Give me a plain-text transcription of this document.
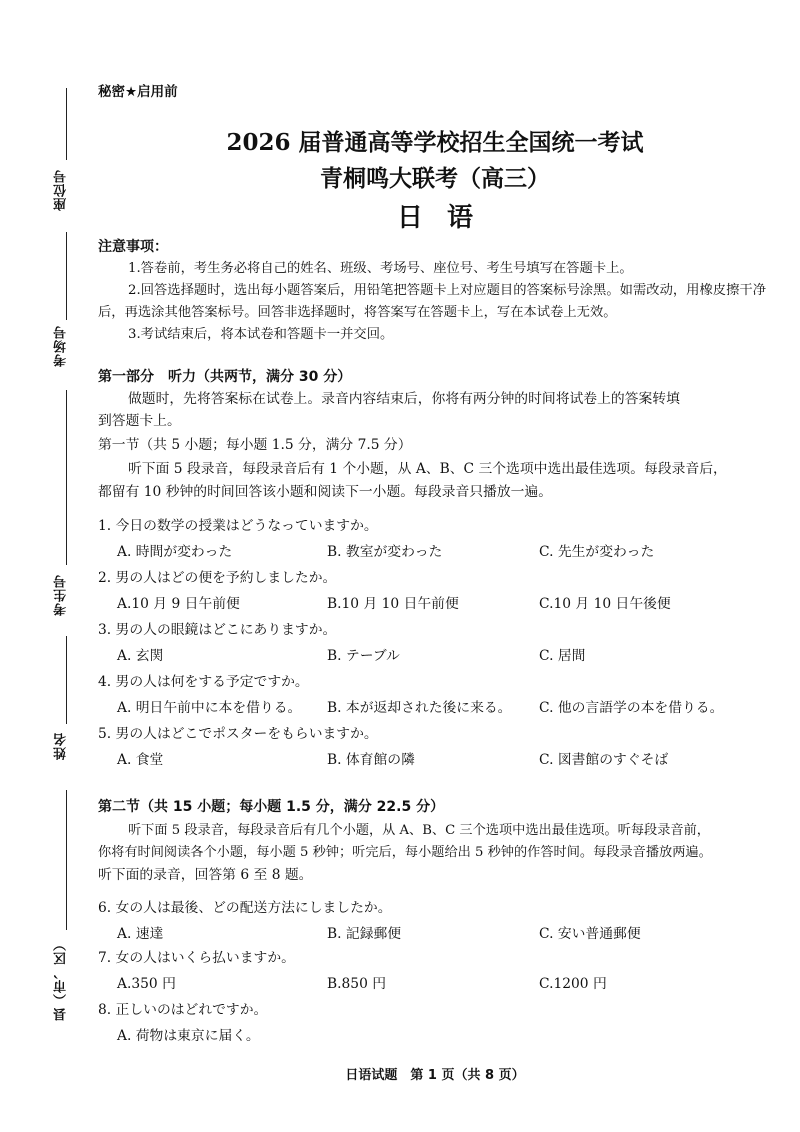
座位号
考场号
考生号
姓名
县（市、区）
秘密★启用前
2026 届普通高等学校招生全国统一考试
青桐鸣大联考（高三）
日语
注意事项：

1.答卷前，考生务必将自己的姓名、班级、考场号、座位号、考生号填写在答题卡上。

2.回答选择题时，选出每小题答案后，用铅笔把答题卡上对应题目的答案标号涂黑。如需改动，用橡皮擦干净后，再选涂其他答案标号。回答非选择题时，将答案写在答题卡上，写在本试卷上无效。

3.考试结束后，将本试卷和答题卡一并交回。

第一部分　听力（共两节，满分 30 分）
做题时，先将答案标在试卷上。录音内容结束后，你将有两分钟的时间将试卷上的答案转填
到答题卡上。
第一节（共 5 小题；每小题 1.5 分，满分 7.5 分）
听下面 5 段录音，每段录音后有 1 个小题，从 A、B、C 三个选项中选出最佳选项。每段录音后，
都留有 10 秒钟的时间回答该小题和阅读下一小题。每段录音只播放一遍。
1. 今日の数学の授業はどうなっていますか。
A. 時間が変わった	B. 教室が変わった	C. 先生が変わった
2. 男の人はどの便を予約しましたか。
A.10 月 9 日午前便	B.10 月 10 日午前便	C.10 月 10 日午後便
3. 男の人の眼鏡はどこにありますか。
A. 玄関	B. テーブル	C. 居間
4. 男の人は何をする予定ですか。
A. 明日午前中に本を借りる。 B. 本が返却された後に来る。 C. 他の言語学の本を借りる。
5. 男の人はどこでポスターをもらいますか。
A. 食堂	B. 体育館の隣	C. 図書館のすぐそば
第二节（共 15 小题；每小题 1.5 分，满分 22.5 分）
听下面 5 段录音，每段录音后有几个小题，从 A、B、C 三个选项中选出最佳选项。听每段录音前，
你将有时间阅读各个小题，每小题 5 秒钟；听完后，每小题给出 5 秒钟的作答时间。每段录音播放两遍。
听下面的录音，回答第 6 至 8 题。
6. 女の人は最後、どの配送方法にしましたか。
A. 速達	B. 記録郵便	C. 安い普通郵便
7. 女の人はいくら払いますか。
A.350 円	B.850 円	C.1200 円
8. 正しいのはどれですか。
A. 荷物は東京に届く。
日语试题　第 1 页（共 8 页）
